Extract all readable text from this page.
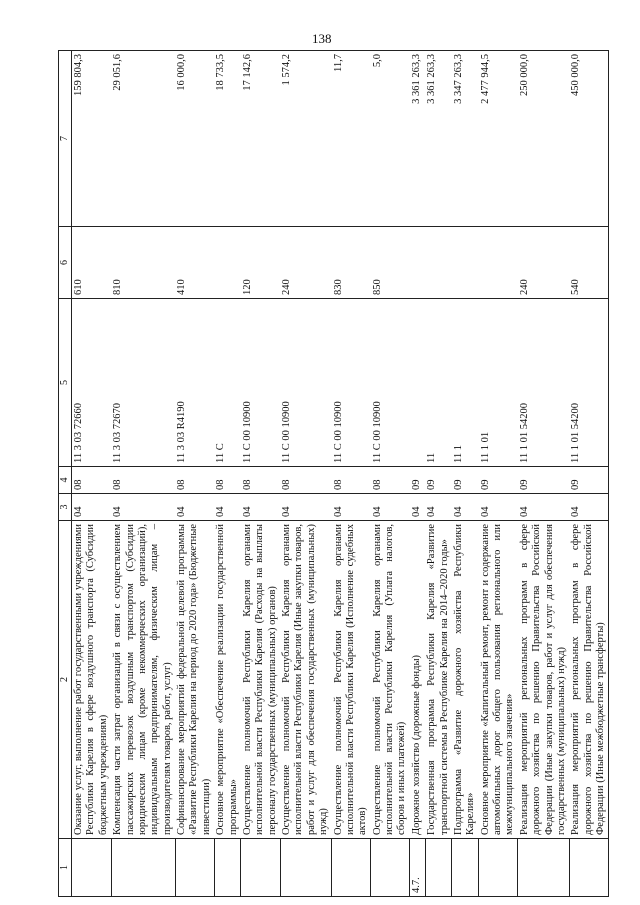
138
1	2	3	4	5	6	7
	Оказание услуг, выполнение работ государственными учреждениями Республики Карелия в сфере воздушного транспорта (Субсидии бюджетным учреждениям)	04	08	11 3 03 72660	610	159 804,3
	Компенсация части затрат организаций в связи с осуществлением пассажирских перевозок воздушным транспортом (Субсидии юридическим лицам (кроме некоммерческих организаций), индивидуальным предпринимателям, физическим лицам – производителям товаров, работ, услуг)	04	08	11 3 03 72670	810	29 051,6
	Софинансирование мероприятий федеральной целевой программы «Развитие Республики Карелия на период до 2020 года» (Бюджетные инвестиции)	04	08	11 3 03 R4190	410	16 000,0
	Основное мероприятие «Обеспечение реализации государственной программы»	04	08	11 С		18 733,5
	Осуществление полномочий Республики Карелия органами исполнительной власти Республики Карелия (Расходы на выплаты персоналу государственных (муниципальных) органов)	04	08	11 С 00 10900	120	17 142,6
	Осуществление полномочий Республики Карелия органами исполнительной власти Республики Карелия (Иные закупки товаров, работ и услуг для обеспечения государственных (муниципальных) нужд)	04	08	11 С 00 10900	240	1 574,2
	Осуществление полномочий Республики Карелия органами исполнительной власти Республики Карелия (Исполнение судебных актов)	04	08	11 С 00 10900	830	11,7
	Осуществление полномочий Республики Карелия органами исполнительной власти Республики Карелия (Уплата налогов, сборов и иных платежей)	04	08	11 С 00 10900	850	5,0
4.7.	Дорожное хозяйство (дорожные фонды)	04	09			3 361 263,3
	Государственная программа Республики Карелия «Развитие транспортной системы в Республике Карелия на 2014–2020 годы»	04	09	11		3 361 263,3
	Подпрограмма «Развитие дорожного хозяйства Республики Карелия»	04	09	11 1		3 347 263,3
	Основное мероприятие «Капитальный ремонт, ремонт и содержание автомобильных дорог общего пользования регионального или межмуниципального значения»	04	09	11 1 01		2 477 944,5
	Реализация мероприятий региональных программ в сфере дорожного хозяйства по решению Правительства Российской Федерации (Иные закупки товаров, работ и услуг для обеспечения государственных (муниципальных) нужд)	04	09	11 1 01 54200	240	250 000,0
	Реализация мероприятий региональных программ в сфере дорожного хозяйства по решению Правительства Российской Федерации (Иные межбюджетные трансферты)	04	09	11 1 01 54200	540	450 000,0
